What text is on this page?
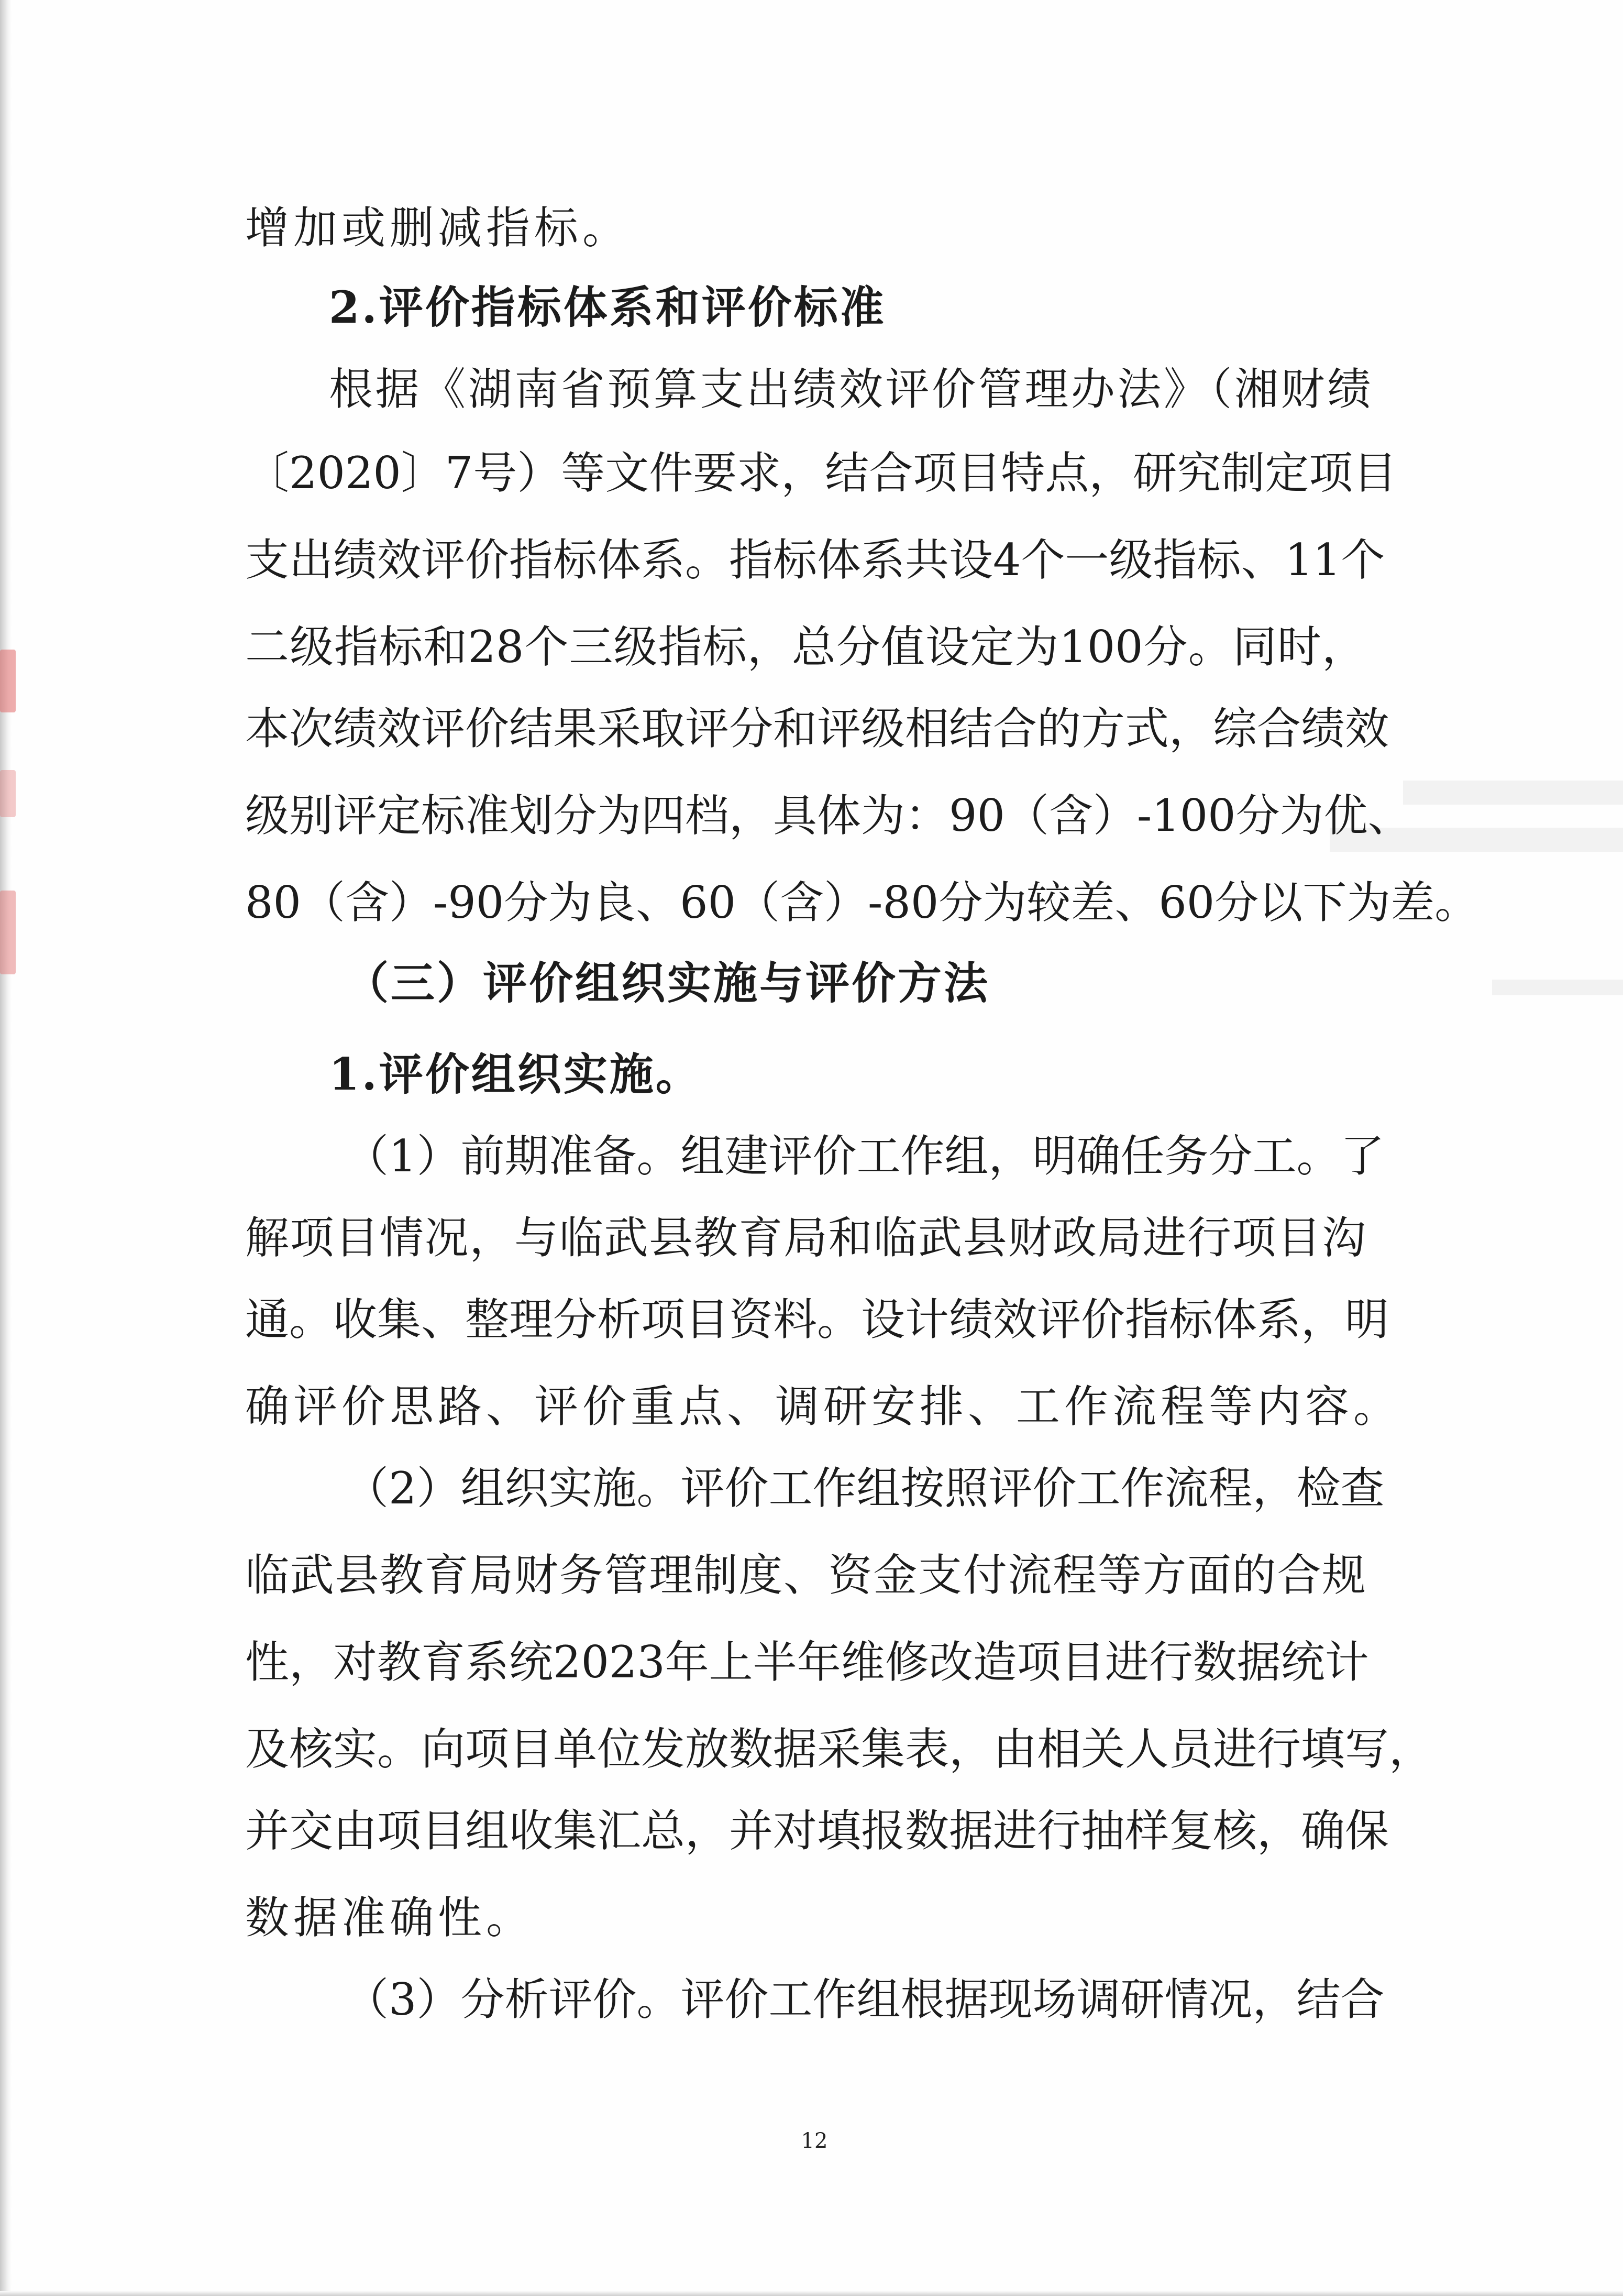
增加或删减指标。

2.评价指标体系和评价标准

根据《湖南省预算支出绩效评价管理办法》（湘财绩

〔2020〕7号）等文件要求，结合项目特点，研究制定项目

支出绩效评价指标体系。指标体系共设4个一级指标、11个

二级指标和28个三级指标，总分值设定为100分。同时，

本次绩效评价结果采取评分和评级相结合的方式，综合绩效

级别评定标准划分为四档，具体为：90（含）-100分为优、

80（含）-90分为良、60（含）-80分为较差、60分以下为差。

（三）评价组织实施与评价方法

1.评价组织实施。

（1）前期准备。组建评价工作组，明确任务分工。了

解项目情况，与临武县教育局和临武县财政局进行项目沟

通。收集、整理分析项目资料。设计绩效评价指标体系，明

确评价思路、评价重点、调研安排、工作流程等内容。

（2）组织实施。评价工作组按照评价工作流程，检查

临武县教育局财务管理制度、资金支付流程等方面的合规

性，对教育系统2023年上半年维修改造项目进行数据统计

及核实。向项目单位发放数据采集表，由相关人员进行填写，

并交由项目组收集汇总，并对填报数据进行抽样复核，确保

数据准确性。

（3）分析评价。评价工作组根据现场调研情况，结合

12
